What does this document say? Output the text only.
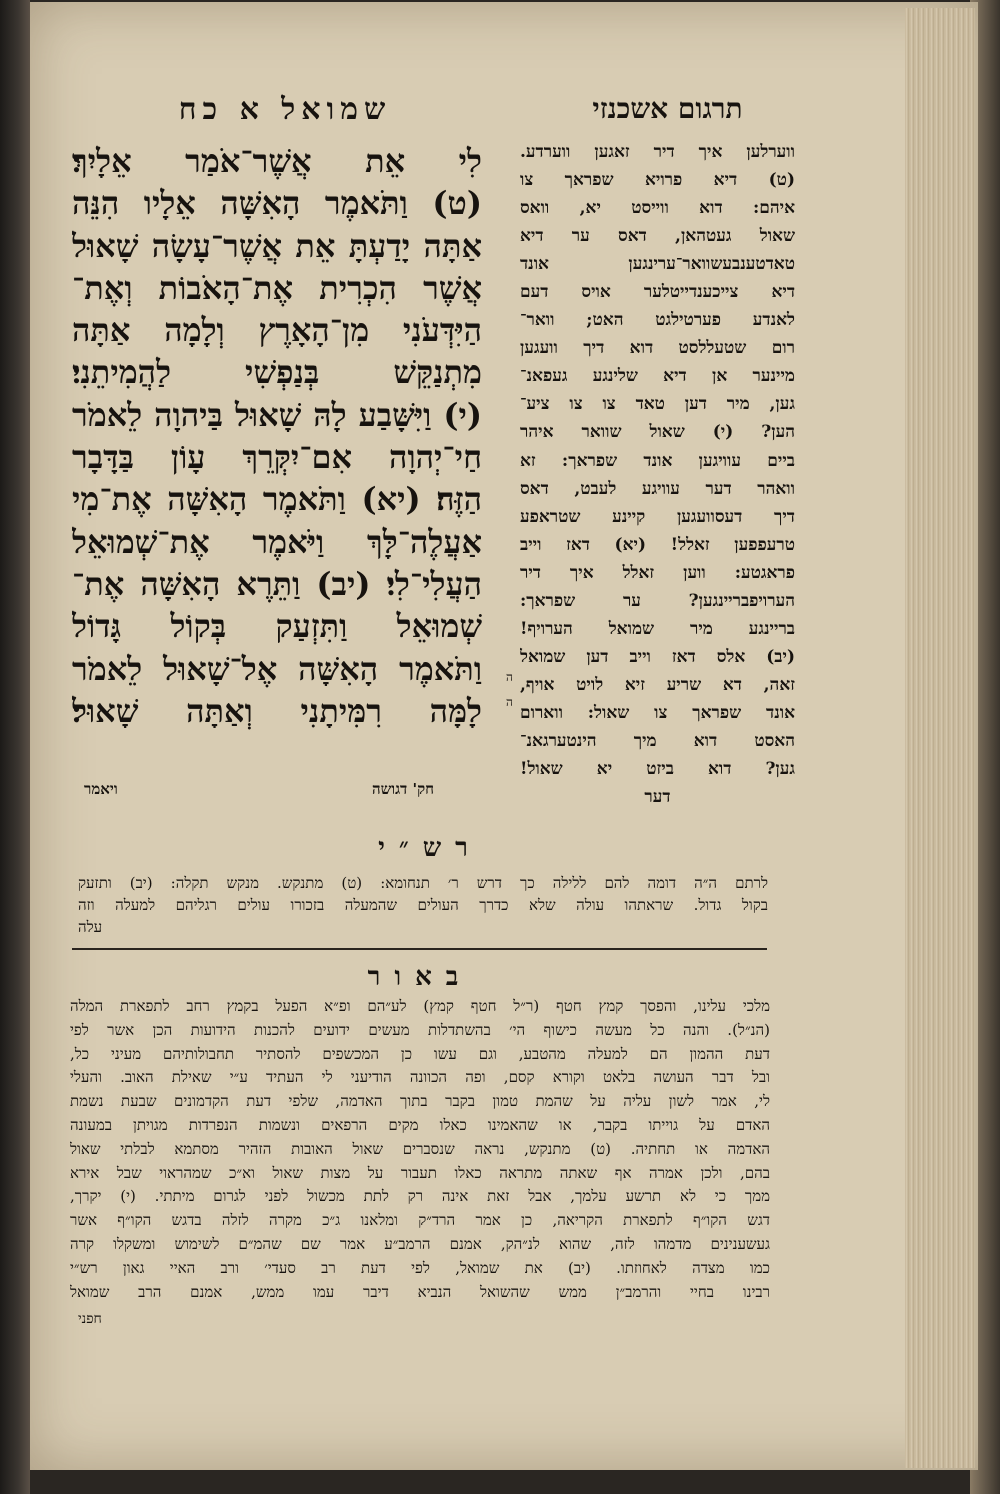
שמואל א כח	תרגום אשכנזי
לִי אֵת אֲשֶׁר־אֹמַר אֵלָיִךְ׃
(ט) וַתֹּאמֶר הָאִשָּׁה אֵלָיו הִנֵּה
אַתָּה יָדַעְתָּ אֵת אֲשֶׁר־עָשָׂה שָׁאוּל
אֲשֶׁר הִכְרִית אֶת־הָאֹבוֹת וְאֶת־
הַיִּדְּעֹנִי מִן־הָאָרֶץ וְלָמָה אַתָּה
מִתְנַקֵּשׁ בְּנַפְשִׁי לַהֲמִיתֵנִי׃
(י) וַיִּשָּׁבַע לָהּ שָׁאוּל בַּיהוָה לֵאמֹר
חַי־יְהוָה אִם־יִקְּרֵךְ עָוֹן בַּדָּבָר
הַזֶּה׃ (יא) וַתֹּאמֶר הָאִשָּׁה אֶת־מִי
אַעֲלֶה־לָּךְ וַיֹּאמֶר אֶת־שְׁמוּאֵל
הַעֲלִי־לִי׃ (יב) וַתֵּרֶא הָאִשָּׁה אֶת־
שְׁמוּאֵל וַתִּזְעַק בְּקוֹל גָּדוֹל
וַתֹּאמֶר הָאִשָּׁה אֶל־שָׁאוּל לֵאמֹר
לָמָּה רִמִּיתָנִי וְאַתָּה שָׁאוּל׃
ה
ה
ויאמר	חק' דגושה
ווערלען איך דיר זאגען ווערדע.
(ט) דיא פרויא שפראך צו
איהם: דוא ווייסט יא, וואס
שאול געטהאן, דאס ער דיא
טאדטענבעשוואר־ערינגען אונד
דיא צייכענדייטלער אויס דעם
לאנדע פערטילגט האט; וואר־
רום שטעללסט דוא דיך וועגען
מיינער אן דיא שלינגע געפאנ־
גען, מיר דען טאד צו צו ציע־
הען? (י) שאול שוואר איהר
ביים עוויגען אונד שפראך: זא
וואהר דער עוויגע לעבט, דאס
דיך דעסוועגען קיינע שטראפע
טרעפפען זאלל! (יא) דאז וייב
פראגטע: ווען זאלל איך דיר
הערויפבריינגען? ער שפראך:
בריינגע מיר שמואל הערויף!
(יב) אלס דאז וייב דען שמואל
זאה, דא שריע זיא לויט אויף,
אונד שפראך צו שאול: ווארום
האסט דוא מיך הינטערגאנ־
גען? דוא ביזט יא שאול!
דער
רש״י
לרתם ה״ה דומה להם ללילה כך דרש ר׳ תנחומא: (ט) מתנקש. מנקש תקלה: (יב) ותזעק
בקול גדול. שראתהו עולה שלא כדרך העולים שהמעלה בזכורו עולים רגליהם למעלה וזה
עלה
באור
מלכי עלינו, והפסך קמץ חטף (ר״ל חטף קמץ) לע״הם ופ״א הפעל בקמץ רחב לתפארת המלה
(הנ״ל). והנה כל מעשה כישוף הי׳ בהשתדלות מעשים ידועים להכנות הידועות הכן אשר לפי
דעת ההמון הם למעלה מהטבע, וגם עשו כן המכשפים להסתיר תחבולותיהם מעיני כל,
ובל דבר העושה בלאט וקורא קסם, ופה הכוונה הודיעני לי העתיד ע״י שאילת האוב. והעלי
לי, אמר לשון עליה על שהמת טמון בקבר בתוך האדמה, שלפי דעת הקדמונים שבעת נשמת
האדם על גוייתו בקבר, או שהאמינו כאלו מקים הרפאים ונשמות הנפרדות מגויתן במעונה
האדמה או תחתיה. (ט) מתנקש, נראה שנסברים שאול האובות הזהיר מסתמא לבלתי שאול
בהם, ולכן אמרה אף שאתה מתראה כאלו תעבור על מצות שאול וא״כ שמהראוי שבל אירא
ממך כי לא תרשע עלמך, אבל זאת אינה רק לתת מכשול לפני לגרום מיתתי. (י) יקרך,
דגש הקו״ף לתפארת הקריאה, כן אמר הרד״ק ומלאנו ג״כ מקרה לזלה בדגש הקו״ף אשר
געשענינים מדמהו לזה, שהוא לנ״הק, אמנם הרמב״ע אמר שם שהמ״ם לשימוש ומשקלו קרה
כמו מצדה לאחוזתו. (יב) את שמואל, לפי דעת רב סעדי׳ ורב האיי גאון רש״י
רבינו בחיי והרמב״ן ממש שהשואל הנביא דיבר עמו ממש, אמנם הרב שמואל
חפני
